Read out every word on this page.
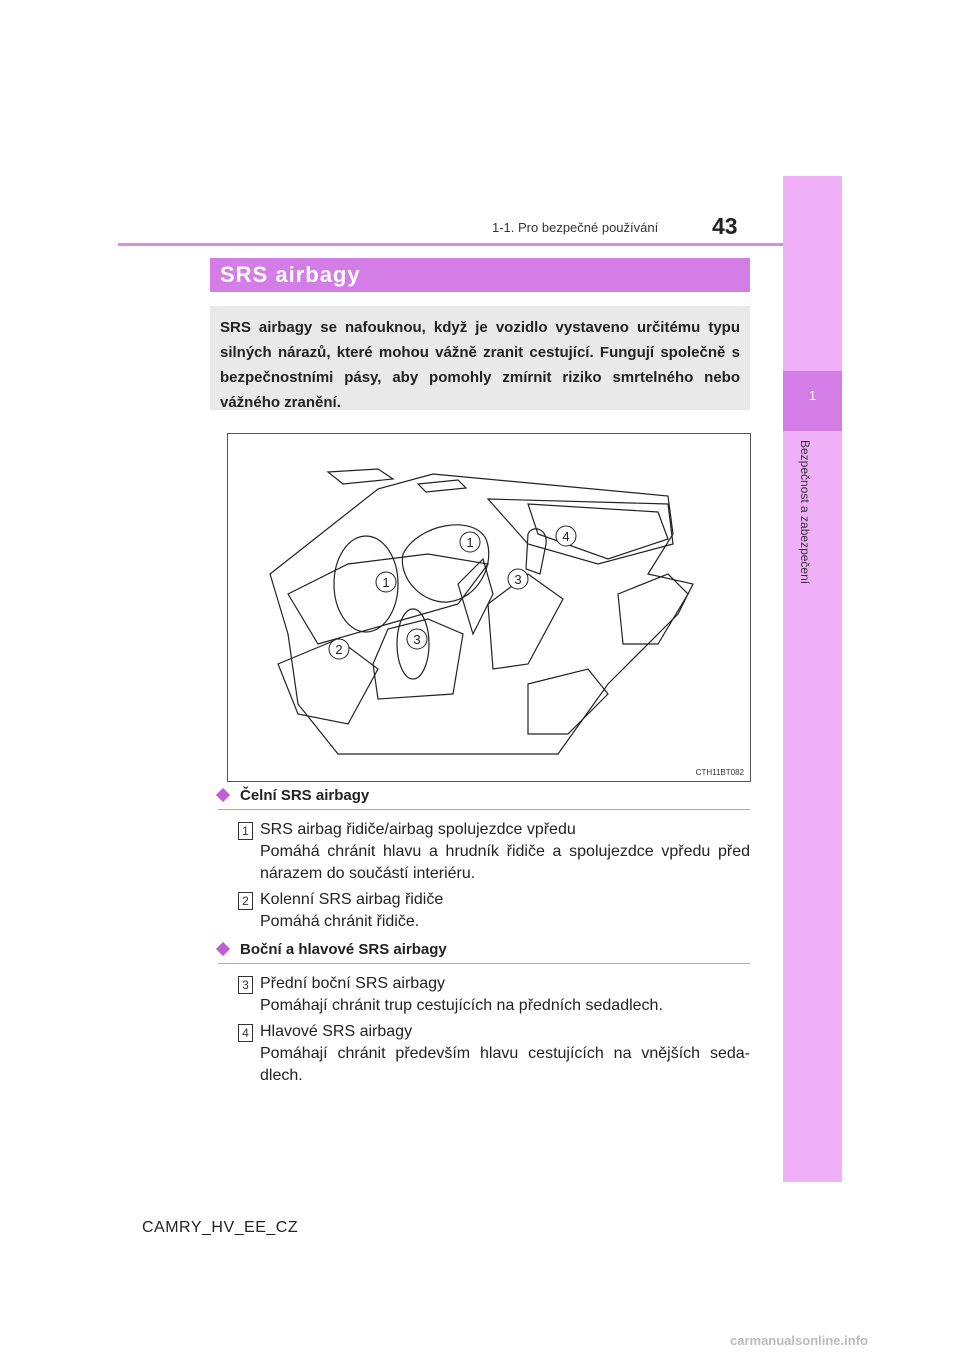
1-1. Pro bezpečné používání 43
1
Bezpečnost a zabezpečení
SRS airbagy

SRS airbagy se nafouknou, když je vozidlo vystaveno určitému typu silných nárazů, které mohou vážně zranit cestující. Fungují společně s bezpečnostními pásy, aby pomohly zmírnit riziko smrtelného nebo vážného zranění.

1
1
2
3
3
4
CTH11BT082
Čelní SRS airbagy
1 SRS airbag řidiče/airbag spolujezdce vpředu
Pomáhá chránit hlavu a hrudník řidiče a spolujezdce vpředu před nárazem do součástí interiéru.
2 Kolenní SRS airbag řidiče
Pomáhá chránit řidiče.
Boční a hlavové SRS airbagy
3 Přední boční SRS airbagy
Pomáhají chránit trup cestujících na předních sedadlech.
4 Hlavové SRS airbagy
Pomáhají chránit především hlavu cestujících na vnějších seda-dlech.
CAMRY_HV_EE_CZ
carmanualsonline.info
